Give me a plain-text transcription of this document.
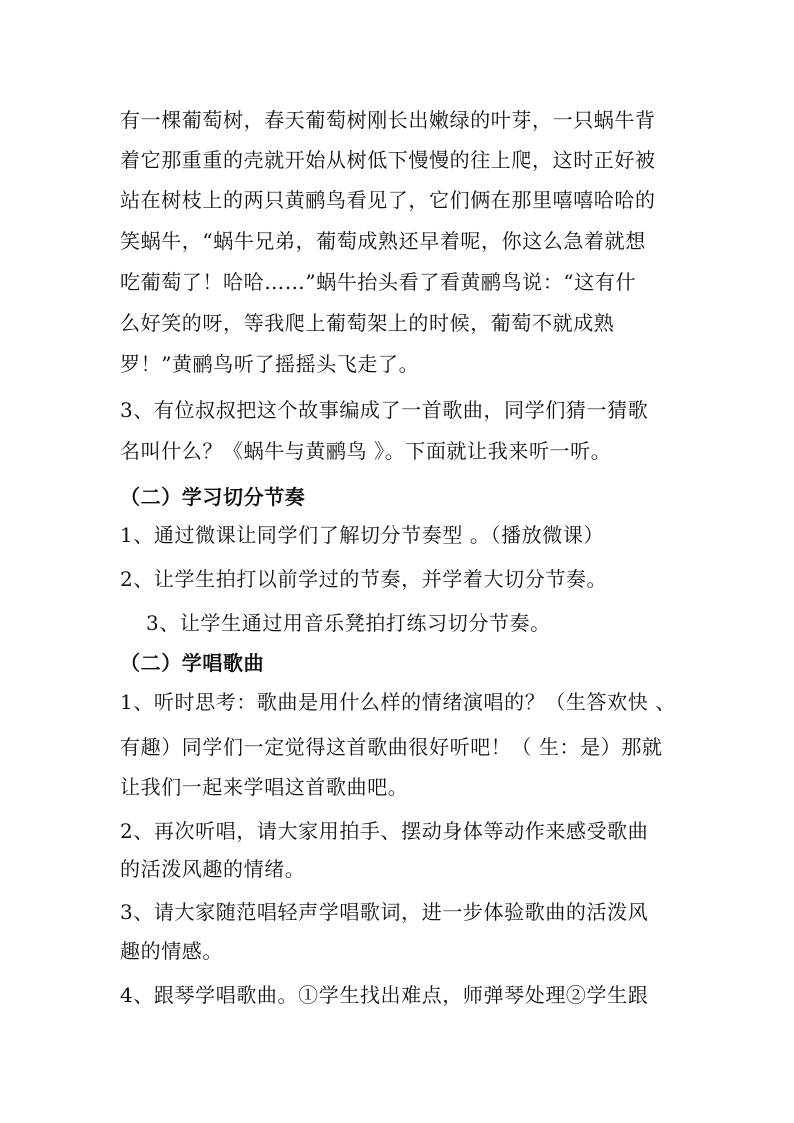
有一棵葡萄树，春天葡萄树刚长出嫩绿的叶芽，一只蜗牛背
着它那重重的壳就开始从树低下慢慢的往上爬，这时正好被
站在树枝上的两只黄鹂鸟看见了，它们俩在那里嘻嘻哈哈的
笑蜗牛，“蜗牛兄弟，葡萄成熟还早着呢，你这么急着就想
吃葡萄了！哈哈……”蜗牛抬头看了看黄鹂鸟说：“这有什
么好笑的呀，等我爬上葡萄架上的时候，葡萄不就成熟
罗！”黄鹂鸟听了摇摇头飞走了。
3、有位叔叔把这个故事编成了一首歌曲，同学们猜一猜歌
名叫什么？《蜗牛与黄鹂鸟 》。下面就让我来听一听。
（二）学习切分节奏
1、通过微课让同学们了解切分节奏型 。（播放微课）
2、让学生拍打以前学过的节奏，并学着大切分节奏。
3、让学生通过用音乐凳拍打练习切分节奏。
（二）学唱歌曲
1、听时思考：歌曲是用什么样的情绪演唱的？（生答欢快 、
有趣）同学们一定觉得这首歌曲很好听吧！（ 生：是）那就
让我们一起来学唱这首歌曲吧。
2、再次听唱，请大家用拍手、摆动身体等动作来感受歌曲
的活泼风趣的情绪。
3、请大家随范唱轻声学唱歌词，进一步体验歌曲的活泼风
趣的情感。
4、跟琴学唱歌曲。①学生找出难点，师弹琴处理②学生跟
